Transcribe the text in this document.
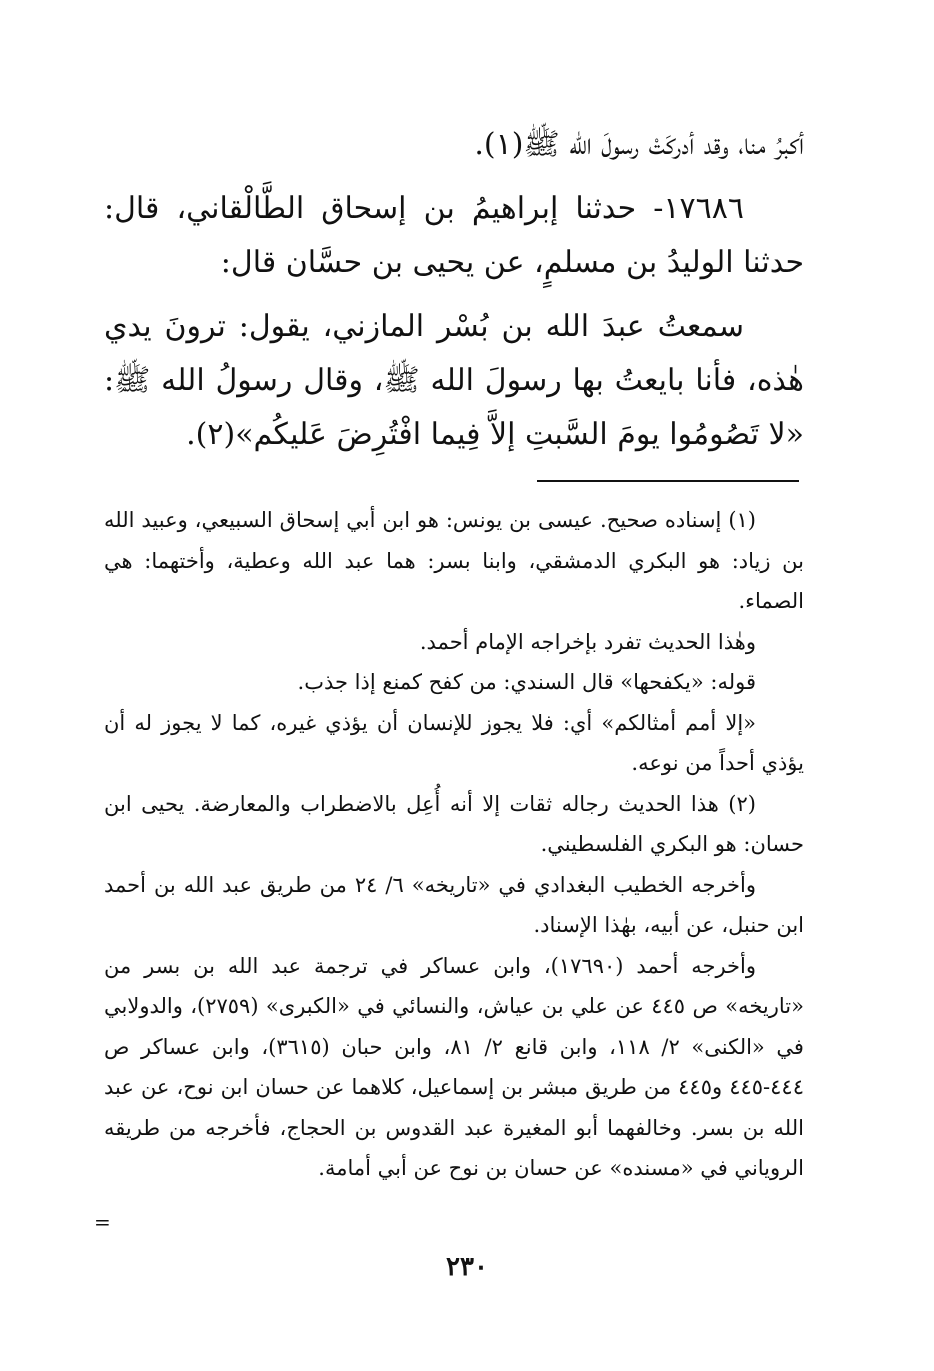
أكبرُ منا، وقد أدركَتْ رسولَ الله ﷺ(١).

١٧٦٨٦- حدثنا إبراهيمُ بن إسحاق الطَّالْقاني، قال: حدثنا الوليدُ بن مسلمٍ، عن يحيى بن حسَّان قال:

سمعتُ عبدَ الله بن بُسْر المازني، يقول: ترونَ يدي هٰذه، فأنا بايعتُ بها رسولَ الله ﷺ، وقال رسولُ الله ﷺ: «لا تَصُومُوا يومَ السَّبتِ إلاَّ فِيما افْتُرِضَ عَليكُم»(٢).

(١) إسناده صحيح. عيسى بن يونس: هو ابن أبي إسحاق السبيعي، وعبيد الله بن زياد: هو البكري الدمشقي، وابنا بسر: هما عبد الله وعطية، وأختهما: هي الصماء.

وهٰذا الحديث تفرد بإخراجه الإمام أحمد.

قوله: «يكفحها» قال السندي: من كفح كمنع إذا جذب.

«إلا أمم أمثالكم» أي: فلا يجوز للإنسان أن يؤذي غيره، كما لا يجوز له أن يؤذي أحداً من نوعه.

(٢) هذا الحديث رجاله ثقات إلا أنه أُعِل بالاضطراب والمعارضة. يحيى ابن حسان: هو البكري الفلسطيني.

وأخرجه الخطيب البغدادي في «تاريخه» ٦/ ٢٤ من طريق عبد الله بن أحمد ابن حنبل، عن أبيه، بهٰذا الإسناد.

وأخرجه أحمد (١٧٦٩٠)، وابن عساكر في ترجمة عبد الله بن بسر من «تاريخه» ص ٤٤٥ عن علي بن عياش، والنسائي في «الكبرى» (٢٧٥٩)، والدولابي في «الكنى» ٢/ ١١٨، وابن قانع ٢/ ٨١، وابن حبان (٣٦١٥)، وابن عساكر ص ٤٤٤-٤٤٥ و٤٤٥ من طريق مبشر بن إسماعيل، كلاهما عن حسان ابن نوح، عن عبد الله بن بسر. وخالفهما أبو المغيرة عبد القدوس بن الحجاج، فأخرجه من طريقه الروياني في «مسنده» عن حسان بن نوح عن أبي أمامة.

=
٢٣٠
